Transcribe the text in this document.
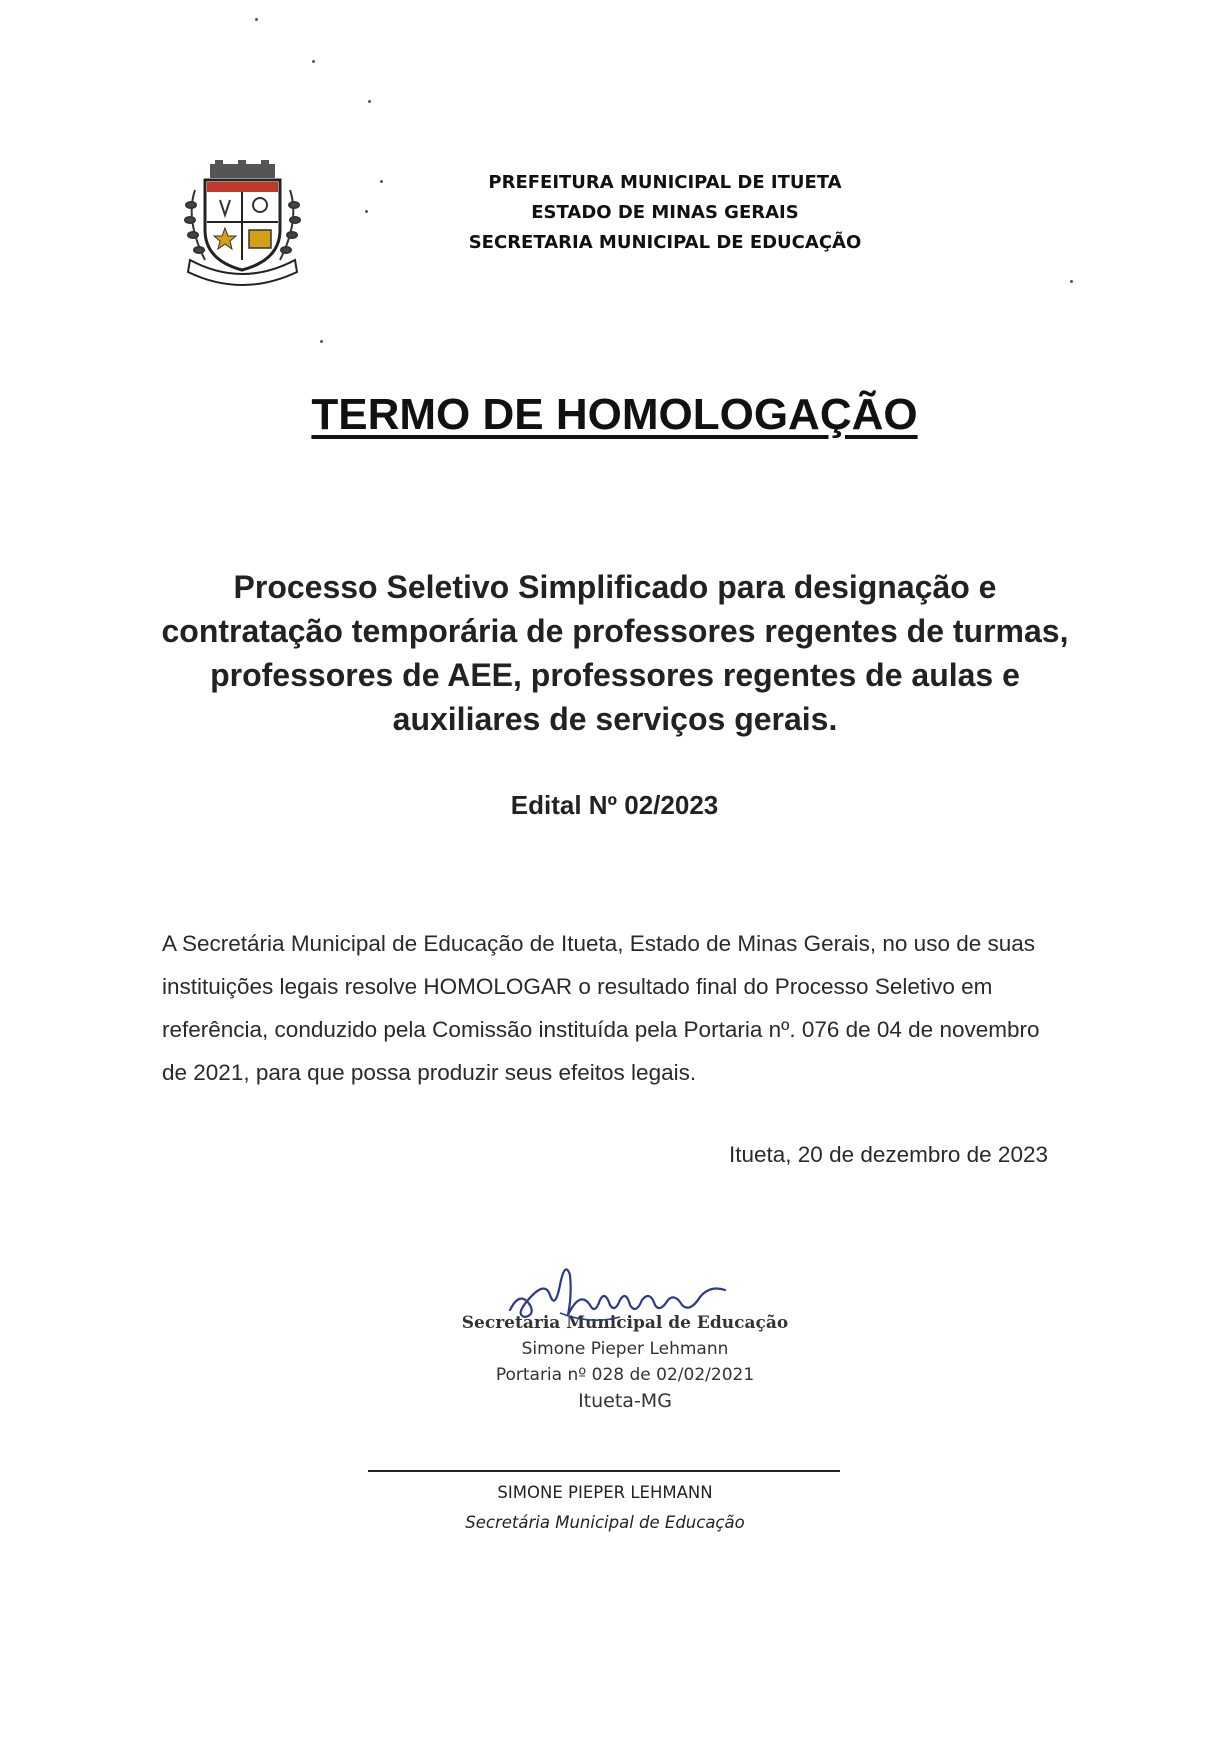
PREFEITURA MUNICIPAL DE ITUETA
ESTADO DE MINAS GERAIS
SECRETARIA MUNICIPAL DE EDUCAÇÃO
TERMO DE HOMOLOGAÇÃO
Processo Seletivo Simplificado para designação e contratação temporária de professores regentes de turmas, professores de AEE, professores regentes de aulas e auxiliares de serviços gerais.
Edital Nº 02/2023
A Secretária Municipal de Educação de Itueta, Estado de Minas Gerais, no uso de suas instituições legais resolve HOMOLOGAR o resultado final do Processo Seletivo em referência, conduzido pela Comissão instituída pela Portaria nº. 076 de 04 de novembro de 2021, para que possa produzir seus efeitos legais.
Itueta, 20 de dezembro de 2023
Secretária Municipal de Educação
Simone Pieper Lehmann
Portaria nº 028 de 02/02/2021
Itueta-MG
SIMONE PIEPER LEHMANN
Secretária Municipal de Educação
